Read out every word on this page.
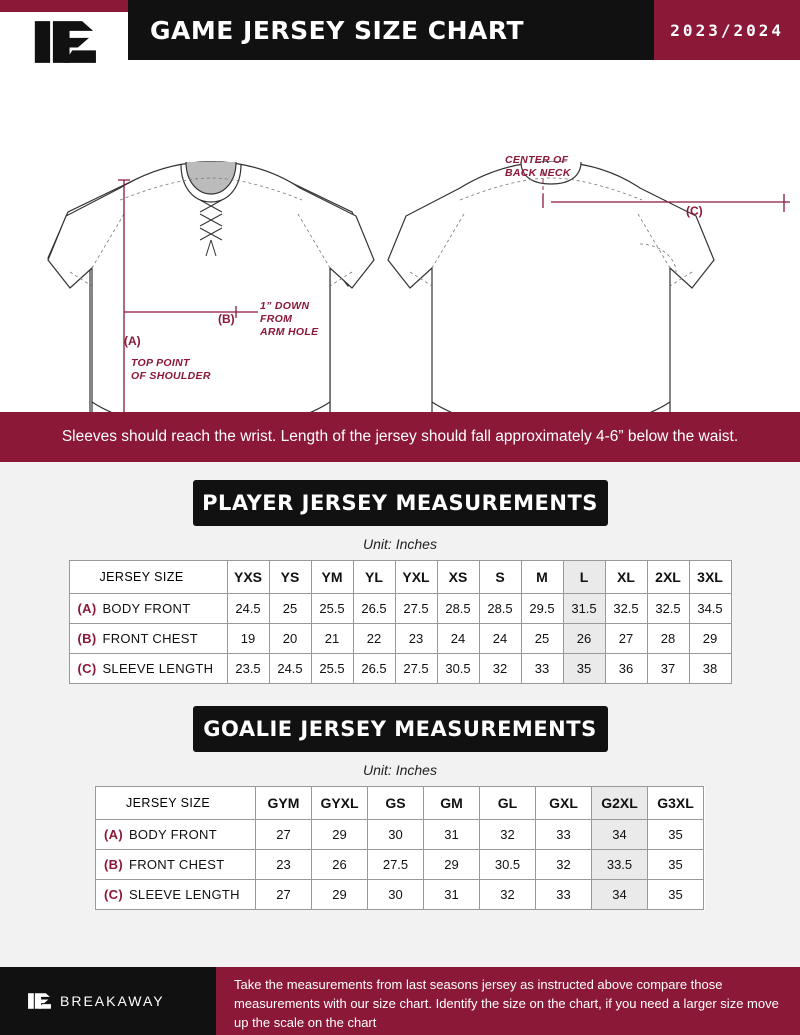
GAME JERSEY SIZE CHART	2023/2024
CENTER OF
BACK NECK
1” DOWN
FROM
ARM HOLE
TOP POINT
OF SHOULDER
(A)
(B)
(C)
Sleeves should reach the wrist. Length of the jersey should fall approximately 4-6” below the waist.
PLAYER JERSEY MEASUREMENTS
Unit: Inches
JERSEY SIZE	YXS	YS	YM	YL	YXL	XS	S	M	L	XL	2XL	3XL
(A) BODY FRONT	24.5	25	25.5	26.5	27.5	28.5	28.5	29.5	31.5	32.5	32.5	34.5
(B) FRONT CHEST	19	20	21	22	23	24	24	25	26	27	28	29
(C) SLEEVE LENGTH	23.5	24.5	25.5	26.5	27.5	30.5	32	33	35	36	37	38
GOALIE JERSEY MEASUREMENTS
Unit: Inches
JERSEY SIZE	GYM	GYXL	GS	GM	GL	GXL	G2XL	G3XL	
(A) BODY FRONT	27	29	30	31	32	33	34	35	
(B) FRONT CHEST	23	26	27.5	29	30.5	32	33.5	35	
(C) SLEEVE LENGTH	27	29	30	31	32	33	34	35	
BREAKAWAY
Take the measurements from last seasons jersey as instructed above compare those measurements with our size chart. Identify the size on the chart, if you need a larger size move up the scale on the chart
